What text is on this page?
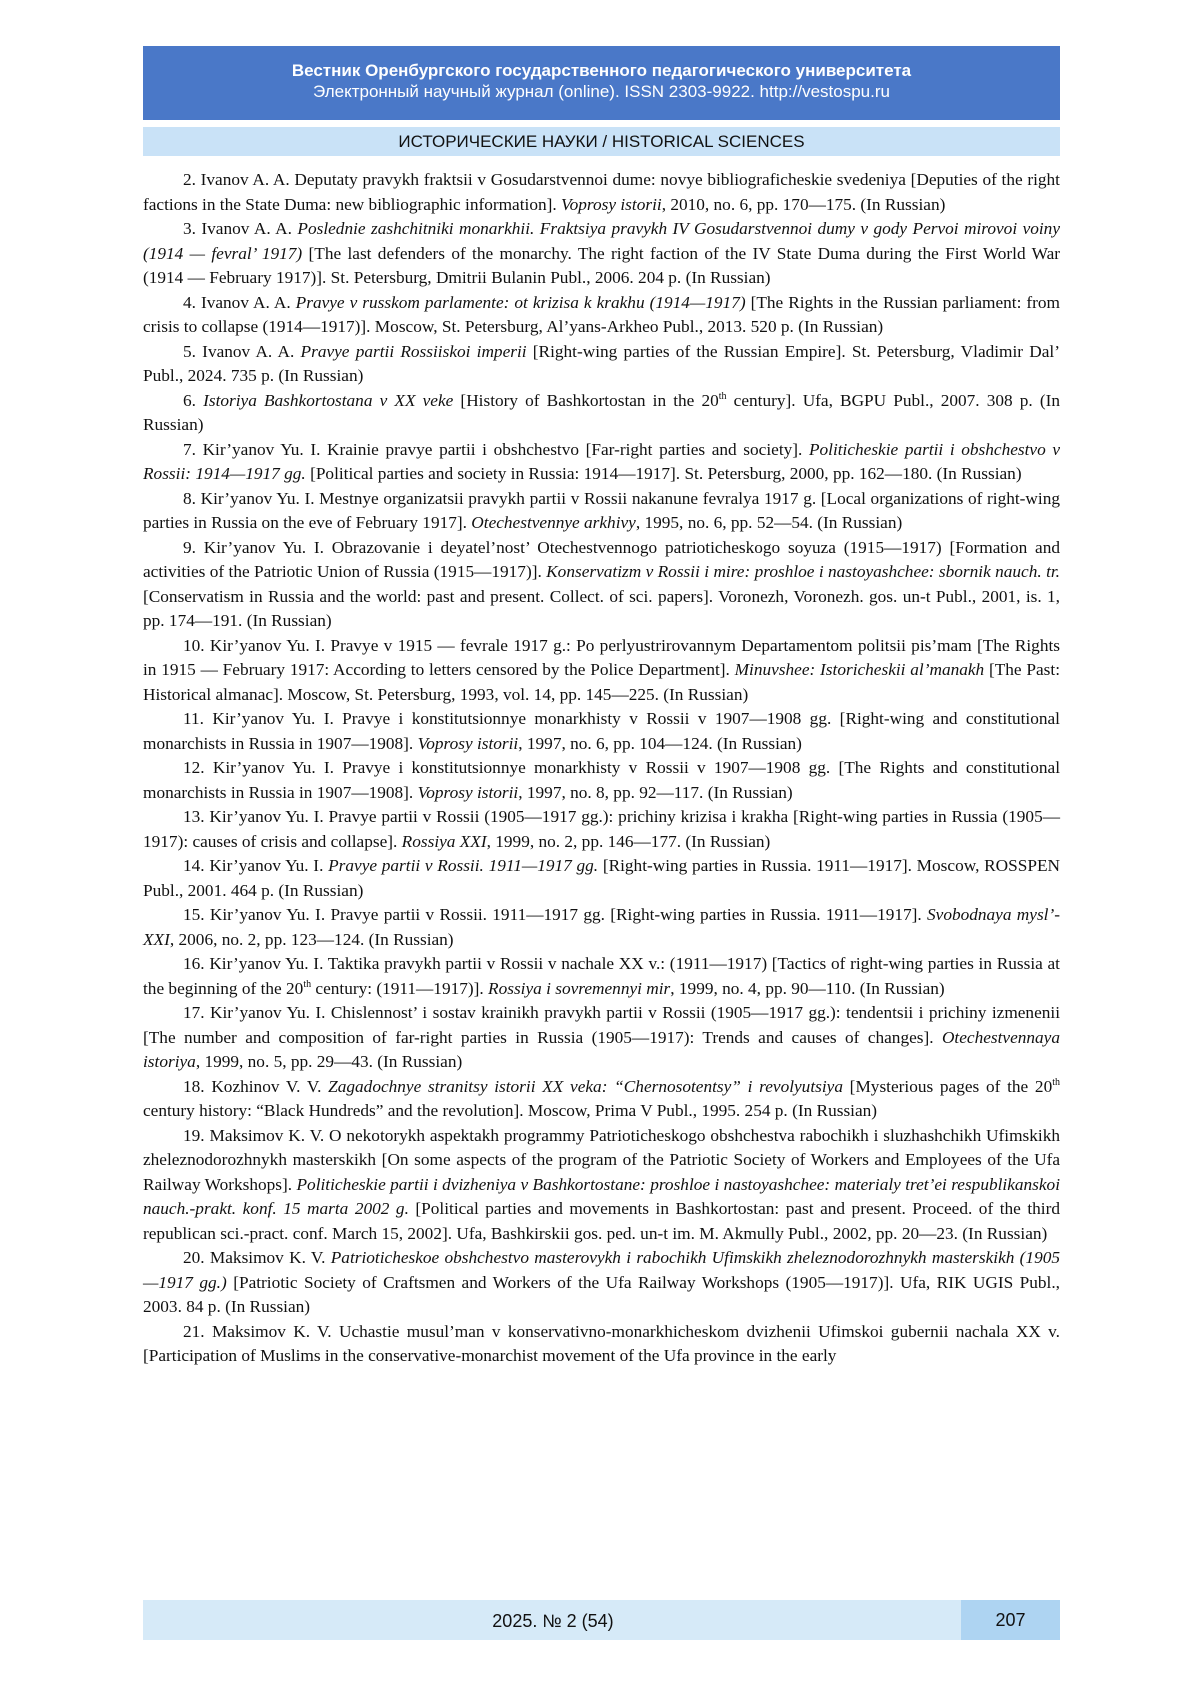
Вестник Оренбургского государственного педагогического университета
Электронный научный журнал (online). ISSN 2303-9922. http://vestospu.ru
ИСТОРИЧЕСКИЕ НАУКИ / HISTORICAL SCIENCES

2. Ivanov A. A. Deputaty pravykh fraktsii v Gosudarstvennoi dume: novye bibliograficheskie svedeniya [Deputies of the right factions in the State Duma: new bibliographic information]. Voprosy istorii, 2010, no. 6, pp. 170—175. (In Russian)

3. Ivanov A. A. Poslednie zashchitniki monarkhii. Fraktsiya pravykh IV Gosudarstvennoi dumy v gody Pervoi mirovoi voiny (1914 — fevral’ 1917) [The last defenders of the monarchy. The right faction of the IV State Duma during the First World War (1914 — February 1917)]. St. Petersburg, Dmitrii Bulanin Publ., 2006. 204 p. (In Russian)

4. Ivanov A. A. Pravye v russkom parlamente: ot krizisa k krakhu (1914—1917) [The Rights in the Russian parliament: from crisis to collapse (1914—1917)]. Moscow, St. Petersburg, Al’yans-Arkheo Publ., 2013. 520 p. (In Russian)

5. Ivanov A. A. Pravye partii Rossiiskoi imperii [Right-wing parties of the Russian Empire]. St. Petersburg, Vladimir Dal’ Publ., 2024. 735 p. (In Russian)

6. Istoriya Bashkortostana v XX veke [History of Bashkortostan in the 20th century]. Ufa, BGPU Publ., 2007. 308 p. (In Russian)

7. Kir’yanov Yu. I. Krainie pravye partii i obshchestvo [Far-right parties and society]. Politicheskie partii i obshchestvo v Rossii: 1914—1917 gg. [Political parties and society in Russia: 1914—1917]. St. Petersburg, 2000, pp. 162—180. (In Russian)

8. Kir’yanov Yu. I. Mestnye organizatsii pravykh partii v Rossii nakanune fevralya 1917 g. [Local organizations of right-wing parties in Russia on the eve of February 1917]. Otechestvennye arkhivy, 1995, no. 6, pp. 52—54. (In Russian)

9. Kir’yanov Yu. I. Obrazovanie i deyatel’nost’ Otechestvennogo patrioticheskogo soyuza (1915—1917) [Formation and activities of the Patriotic Union of Russia (1915—1917)]. Konservatizm v Rossii i mire: proshloe i nastoyashchee: sbornik nauch. tr. [Conservatism in Russia and the world: past and present. Collect. of sci. papers]. Voronezh, Voronezh. gos. un-t Publ., 2001, is. 1, pp. 174—191. (In Russian)

10. Kir’yanov Yu. I. Pravye v 1915 — fevrale 1917 g.: Po perlyustrirovannym Departamentom politsii pis’mam [The Rights in 1915 — February 1917: According to letters censored by the Police Department]. Minuvshee: Istoricheskii al’manakh [The Past: Historical almanac]. Moscow, St. Petersburg, 1993, vol. 14, pp. 145—225. (In Russian)

11. Kir’yanov Yu. I. Pravye i konstitutsionnye monarkhisty v Rossii v 1907—1908 gg. [Right-wing and constitutional monarchists in Russia in 1907—1908]. Voprosy istorii, 1997, no. 6, pp. 104—124. (In Russian)

12. Kir’yanov Yu. I. Pravye i konstitutsionnye monarkhisty v Rossii v 1907—1908 gg. [The Rights and constitutional monarchists in Russia in 1907—1908]. Voprosy istorii, 1997, no. 8, pp. 92—117. (In Russian)

13. Kir’yanov Yu. I. Pravye partii v Rossii (1905—1917 gg.): prichiny krizisa i krakha [Right-wing parties in Russia (1905—1917): causes of crisis and collapse]. Rossiya XXI, 1999, no. 2, pp. 146—177. (In Russian)

14. Kir’yanov Yu. I. Pravye partii v Rossii. 1911—1917 gg. [Right-wing parties in Russia. 1911—1917]. Moscow, ROSSPEN Publ., 2001. 464 p. (In Russian)

15. Kir’yanov Yu. I. Pravye partii v Rossii. 1911—1917 gg. [Right-wing parties in Russia. 1911—1917]. Svobodnaya mysl’-XXI, 2006, no. 2, pp. 123—124. (In Russian)

16. Kir’yanov Yu. I. Taktika pravykh partii v Rossii v nachale XX v.: (1911—1917) [Tactics of right-wing parties in Russia at the beginning of the 20th century: (1911—1917)]. Rossiya i sovremennyi mir, 1999, no. 4, pp. 90—110. (In Russian)

17. Kir’yanov Yu. I. Chislennost’ i sostav krainikh pravykh partii v Rossii (1905—1917 gg.): tendentsii i prichiny izmenenii [The number and composition of far-right parties in Russia (1905—1917): Trends and causes of changes]. Otechestvennaya istoriya, 1999, no. 5, pp. 29—43. (In Russian)

18. Kozhinov V. V. Zagadochnye stranitsy istorii XX veka: “Chernosotentsy” i revolyutsiya [Mysterious pages of the 20th century history: “Black Hundreds” and the revolution]. Moscow, Prima V Publ., 1995. 254 p. (In Russian)

19. Maksimov K. V. O nekotorykh aspektakh programmy Patrioticheskogo obshchestva rabochikh i sluzhashchikh Ufimskikh zheleznodorozhnykh masterskikh [On some aspects of the program of the Patriotic Society of Workers and Employees of the Ufa Railway Workshops]. Politicheskie partii i dvizheniya v Bashkortostane: proshloe i nastoyashchee: materialy tret’ei respublikanskoi nauch.-prakt. konf. 15 marta 2002 g. [Political parties and movements in Bashkortostan: past and present. Proceed. of the third republican sci.-pract. conf. March 15, 2002]. Ufa, Bashkirskii gos. ped. un-t im. M. Akmully Publ., 2002, pp. 20—23. (In Russian)

20. Maksimov K. V. Patrioticheskoe obshchestvo masterovykh i rabochikh Ufimskikh zheleznodorozhnykh masterskikh (1905—1917 gg.) [Patriotic Society of Craftsmen and Workers of the Ufa Railway Workshops (1905—1917)]. Ufa, RIK UGIS Publ., 2003. 84 p. (In Russian)

21. Maksimov K. V. Uchastie musul’man v konservativno-monarkhicheskom dvizhenii Ufimskoi gubernii nachala XX v. [Participation of Muslims in the conservative-monarchist movement of the Ufa province in the early

2025. № 2 (54)	207
